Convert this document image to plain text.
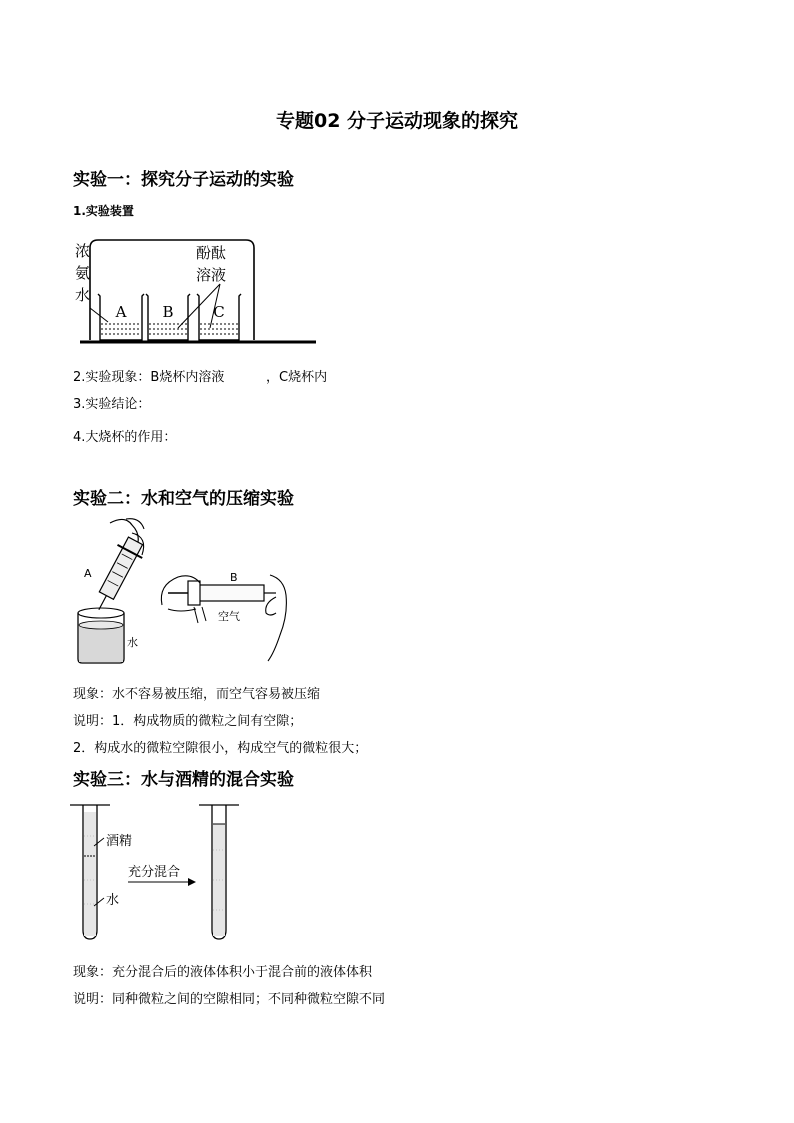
专题02 分子运动现象的探究
实验一：探究分子运动的实验
1.实验装置
A B	C
浓
氨
水
酚酞
溶液
2.实验现象：B烧杯内溶液	，C烧杯内
3.实验结论：
4.大烧杯的作用：
实验二：水和空气的压缩实验
A
水
B
空气
现象：水不容易被压缩，而空气容易被压缩
说明：1．构成物质的微粒之间有空隙；
2．构成水的微粒空隙很小，构成空气的微粒很大；
实验三：水与酒精的混合实验
酒精
水
充分混合
现象：充分混合后的液体体积小于混合前的液体体积
说明：同种微粒之间的空隙相同；不同种微粒空隙不同
